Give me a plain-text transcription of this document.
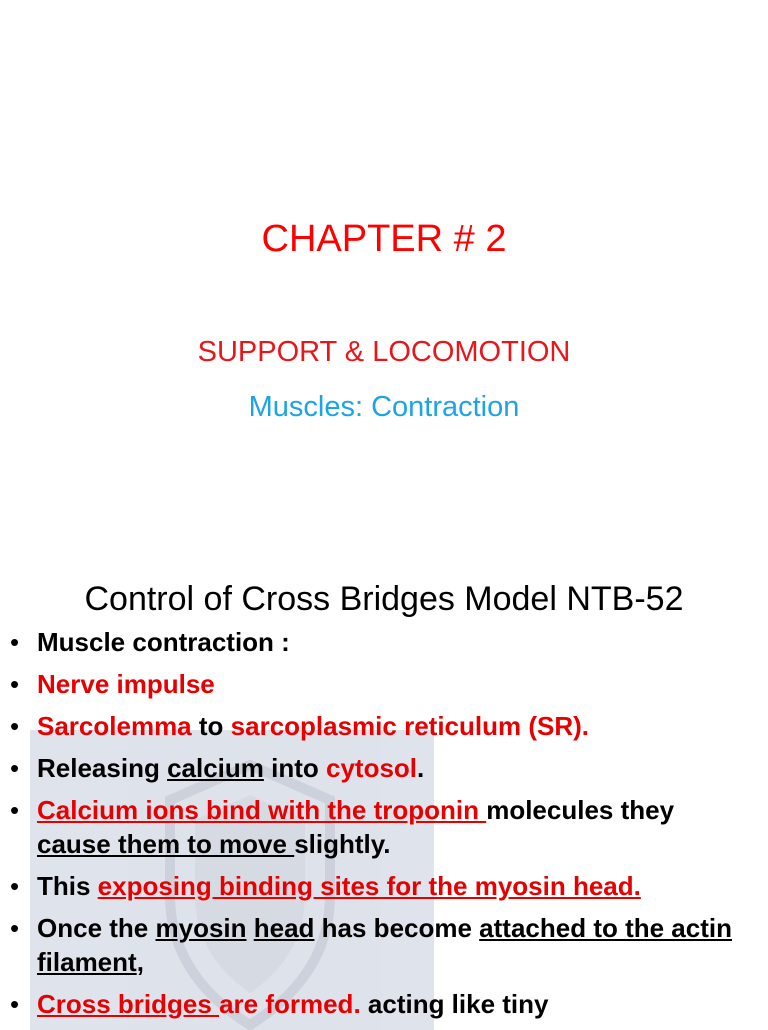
CHAPTER # 2
SUPPORT & LOCOMOTION
Muscles: Contraction
Control of Cross Bridges Model NTB-52
• Muscle contraction :
• Nerve impulse
• Sarcolemma to sarcoplasmic reticulum (SR).
• Releasing calcium into cytosol.
• Calcium ions bind with the troponin molecules they cause them to move slightly.
• This exposing binding sites for the myosin head.
• Once the myosin head has become attached to the actin filament,
• Cross bridges are formed. acting like tiny
